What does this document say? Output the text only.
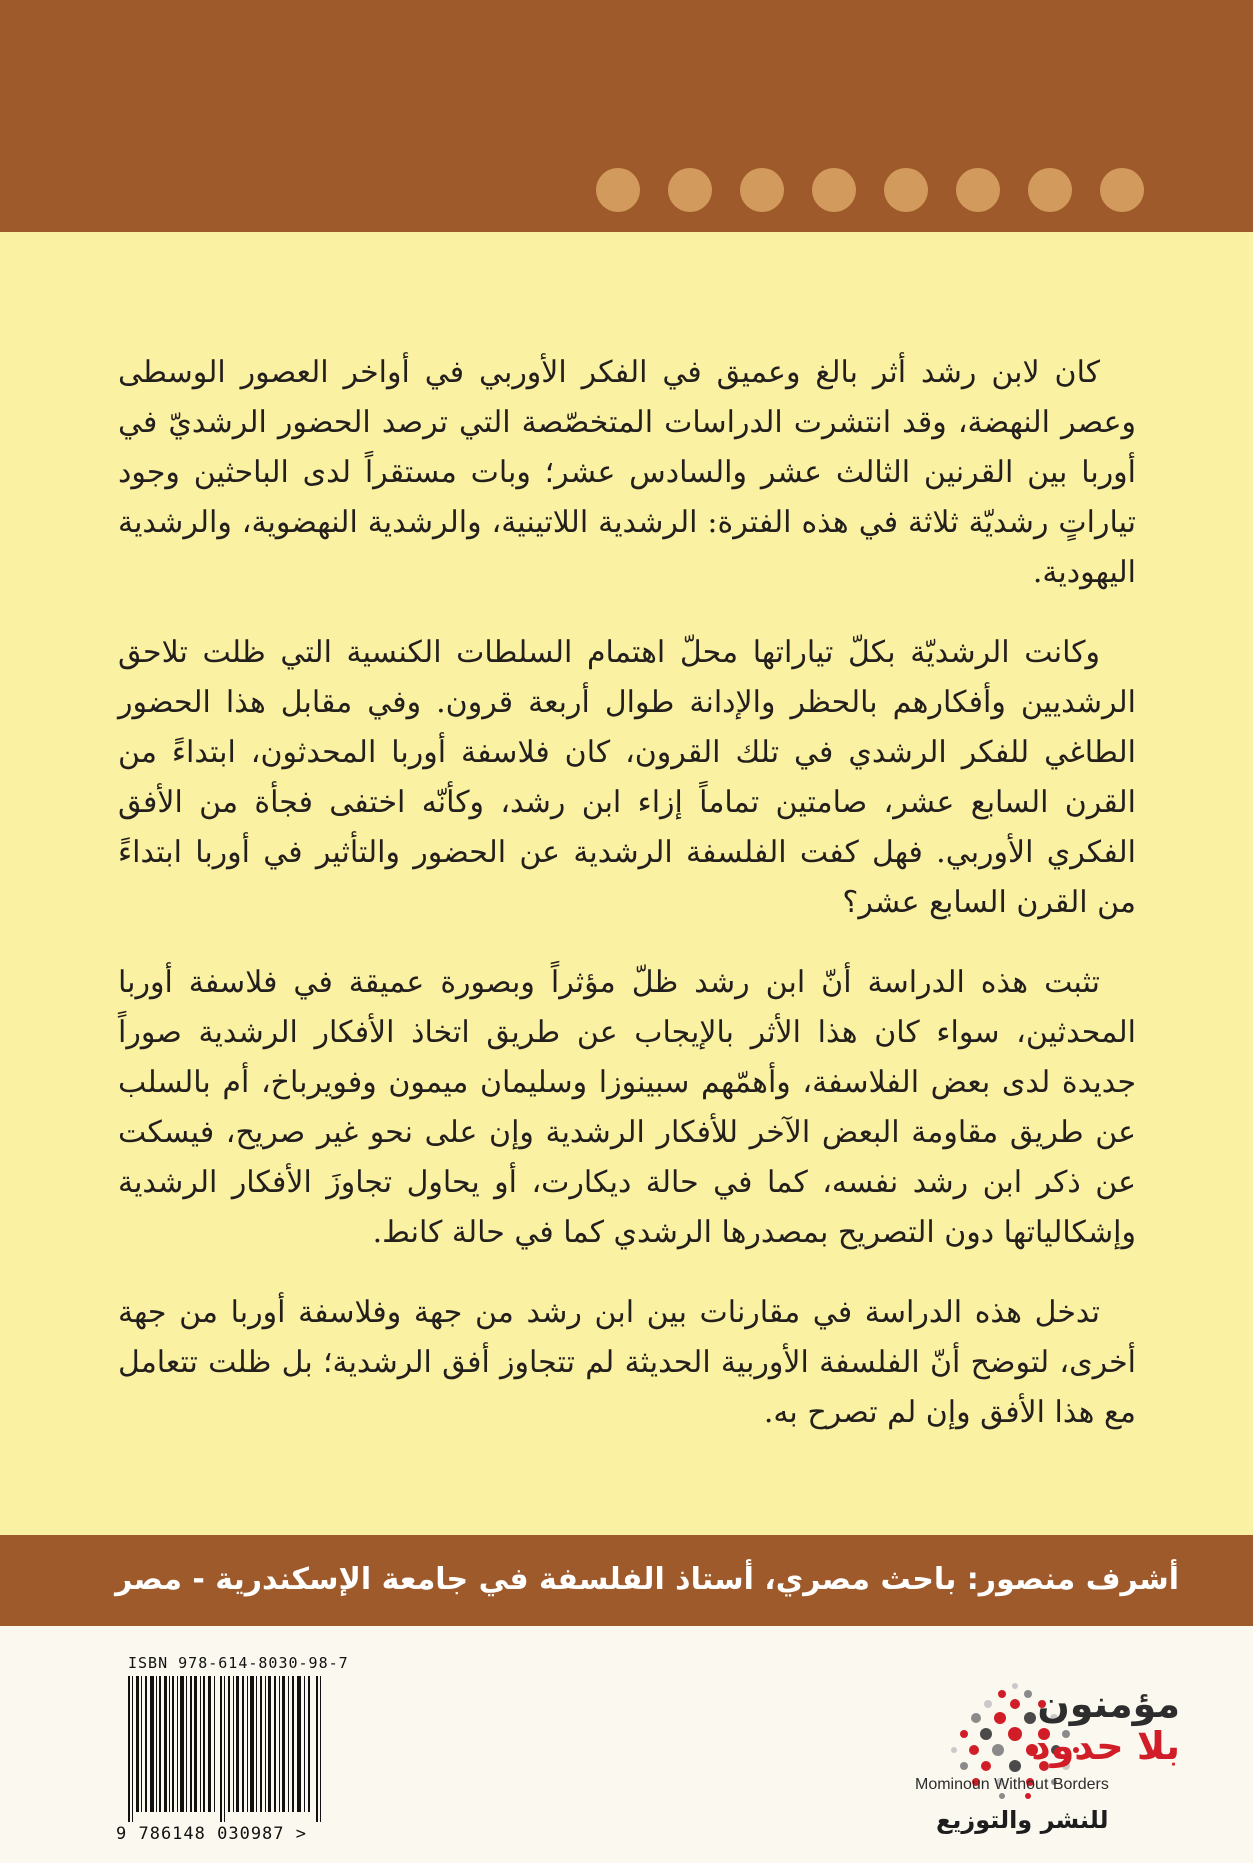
كان لابن رشد أثر بالغ وعميق في الفكر الأوربي في أواخر العصور الوسطى وعصر النهضة، وقد انتشرت الدراسات المتخصّصة التي ترصد الحضور الرشديّ في أوربا بين القرنين الثالث عشر والسادس عشر؛ وبات مستقراً لدى الباحثين وجود تياراتٍ رشديّة ثلاثة في هذه الفترة: الرشدية اللاتينية، والرشدية النهضوية، والرشدية اليهودية.

وكانت الرشديّة بكلّ تياراتها محلّ اهتمام السلطات الكنسية التي ظلت تلاحق الرشديين وأفكارهم بالحظر والإدانة طوال أربعة قرون. وفي مقابل هذا الحضور الطاغي للفكر الرشدي في تلك القرون، كان فلاسفة أوربا المحدثون، ابتداءً من القرن السابع عشر، صامتين تماماً إزاء ابن رشد، وكأنّه اختفى فجأة من الأفق الفكري الأوربي. فهل كفت الفلسفة الرشدية عن الحضور والتأثير في أوربا ابتداءً من القرن السابع عشر؟

تثبت هذه الدراسة أنّ ابن رشد ظلّ مؤثراً وبصورة عميقة في فلاسفة أوربا المحدثين، سواء كان هذا الأثر بالإيجاب عن طريق اتخاذ الأفكار الرشدية صوراً جديدة لدى بعض الفلاسفة، وأهمّهم سبينوزا وسليمان ميمون وفويرباخ، أم بالسلب عن طريق مقاومة البعض الآخر للأفكار الرشدية وإن على نحو غير صريح، فيسكت عن ذكر ابن رشد نفسه، كما في حالة ديكارت، أو يحاول تجاوزَ الأفكار الرشدية وإشكالياتها دون التصريح بمصدرها الرشدي كما في حالة كانط.

تدخل هذه الدراسة في مقارنات بين ابن رشد من جهة وفلاسفة أوربا من جهة أخرى، لتوضح أنّ الفلسفة الأوربية الحديثة لم تتجاوز أفق الرشدية؛ بل ظلت تتعامل مع هذا الأفق وإن لم تصرح به.

أشرف منصور: باحث مصري، أستاذ الفلسفة في جامعة الإسكندرية - مصر
ISBN 978-614-8030-98-7
9 786148 030987 >
مؤمنون
بلا حدود
Mominoun Without Borders
للنشر والتوزيع
